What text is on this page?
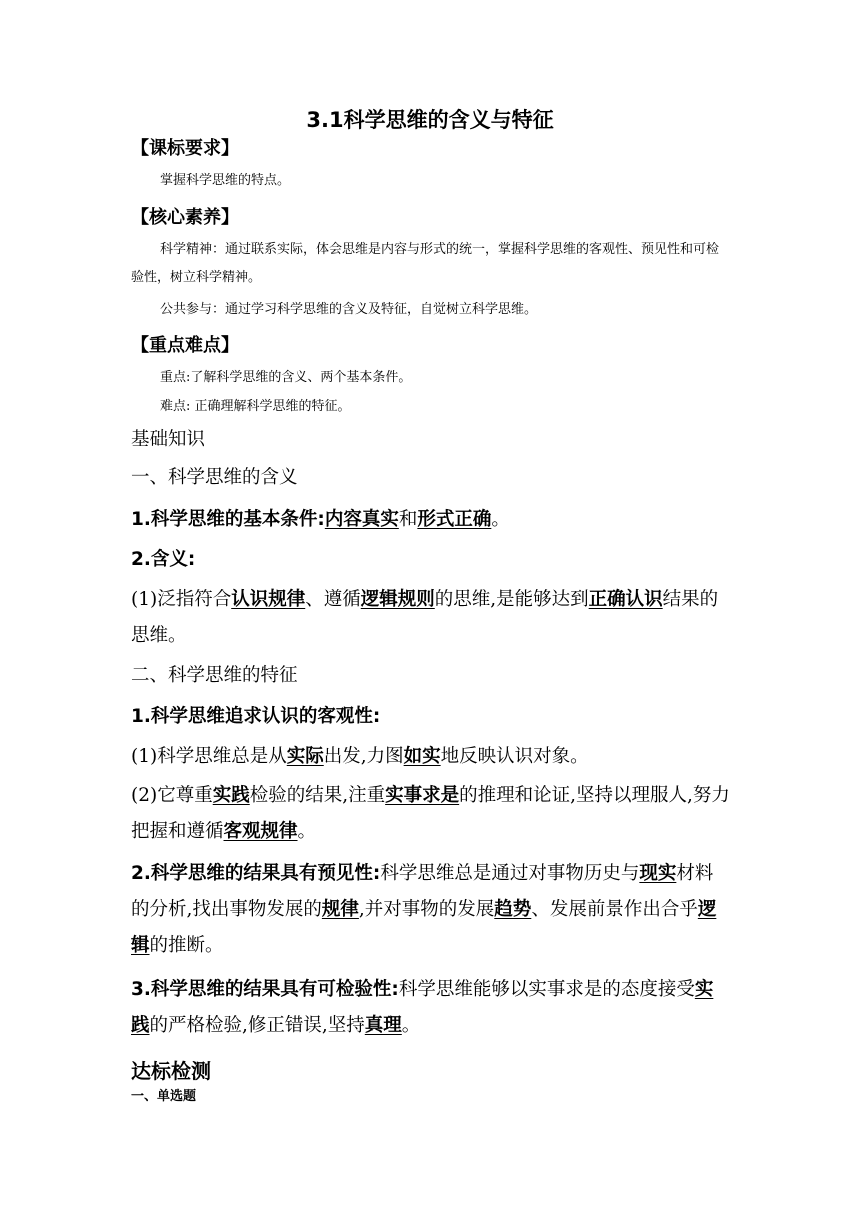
3.1科学思维的含义与特征
【课标要求】
掌握科学思维的特点。
【核心素养】
科学精神：通过联系实际，体会思维是内容与形式的统一，掌握科学思维的客观性、预见性和可检验性，树立科学精神。
公共参与：通过学习科学思维的含义及特征，自觉树立科学思维。
【重点难点】
重点:了解科学思维的含义、两个基本条件。
难点: 正确理解科学思维的特征。
基础知识
一、科学思维的含义
1.科学思维的基本条件:内容真实和形式正确。
2.含义:
(1)泛指符合认识规律、遵循逻辑规则的思维,是能够达到正确认识结果的思维。
二、科学思维的特征
1.科学思维追求认识的客观性:
(1)科学思维总是从实际出发,力图如实地反映认识对象。
(2)它尊重实践检验的结果,注重实事求是的推理和论证,坚持以理服人,努力把握和遵循客观规律。
2.科学思维的结果具有预见性:科学思维总是通过对事物历史与现实材料的分析,找出事物发展的规律,并对事物的发展趋势、发展前景作出合乎逻辑的推断。
3.科学思维的结果具有可检验性:科学思维能够以实事求是的态度接受实践的严格检验,修正错误,坚持真理。
达标检测
一、单选题
